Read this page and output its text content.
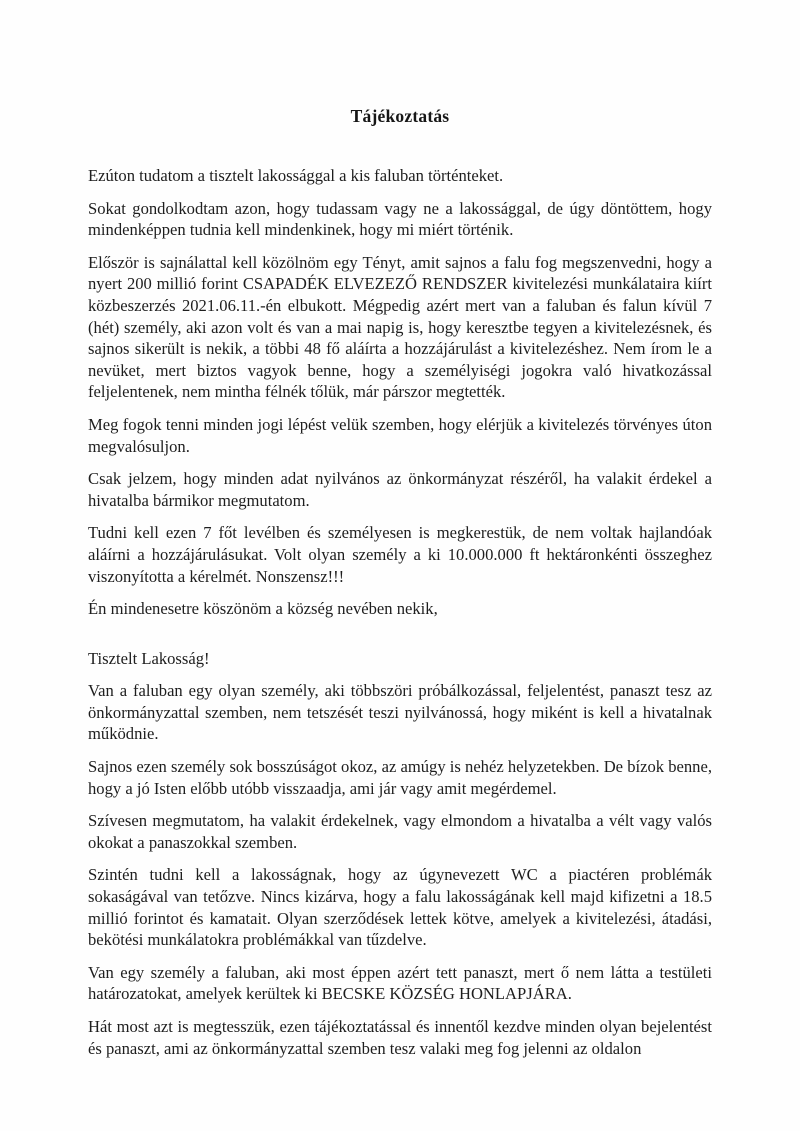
Tájékoztatás

Ezúton tudatom a tisztelt lakossággal a kis faluban történteket.

Sokat gondolkodtam azon, hogy tudassam vagy ne a lakossággal, de úgy döntöttem, hogy mindenképpen tudnia kell mindenkinek, hogy mi miért történik.

Először is sajnálattal kell közölnöm egy Tényt, amit sajnos a falu fog megszenvedni, hogy a nyert 200 millió forint CSAPADÉK ELVEZEZŐ RENDSZER kivitelezési munkálataira kiírt közbeszerzés 2021.06.11.-én elbukott. Mégpedig azért mert van a faluban és falun kívül 7 (hét) személy, aki azon volt és van a mai napig is, hogy keresztbe tegyen a kivitelezésnek, és sajnos sikerült is nekik, a többi 48 fő aláírta a hozzájárulást a kivitelezéshez. Nem írom le a nevüket, mert biztos vagyok benne, hogy a személyiségi jogokra való hivatkozással feljelentenek, nem mintha félnék tőlük, már párszor megtették.

Meg fogok tenni minden jogi lépést velük szemben, hogy elérjük a kivitelezés törvényes úton megvalósuljon.

Csak jelzem, hogy minden adat nyilvános az önkormányzat részéről, ha valakit érdekel a hivatalba bármikor megmutatom.

Tudni kell ezen 7 főt levélben és személyesen is megkerestük, de nem voltak hajlandóak aláírni a hozzájárulásukat. Volt olyan személy a ki 10.000.000 ft hektáronkénti összeghez viszonyította a kérelmét. Nonszensz!!!

Én mindenesetre köszönöm a község nevében nekik,

Tisztelt Lakosság!

Van a faluban egy olyan személy, aki többszöri próbálkozással, feljelentést, panaszt tesz az önkormányzattal szemben, nem tetszését teszi nyilvánossá, hogy miként is kell a hivatalnak működnie.

Sajnos ezen személy sok bosszúságot okoz, az amúgy is nehéz helyzetekben. De bízok benne, hogy a jó Isten előbb utóbb visszaadja, ami jár vagy amit megérdemel.

Szívesen megmutatom, ha valakit érdekelnek, vagy elmondom a hivatalba a vélt vagy valós okokat a panaszokkal szemben.

Szintén tudni kell a lakosságnak, hogy az úgynevezett WC a piactéren problémák sokaságával van tetőzve. Nincs kizárva, hogy a falu lakosságának kell majd kifizetni a 18.5 millió forintot és kamatait. Olyan szerződések lettek kötve, amelyek a kivitelezési, átadási, bekötési munkálatokra problémákkal van tűzdelve.

Van egy személy a faluban, aki most éppen azért tett panaszt, mert ő nem látta a testületi határozatokat, amelyek kerültek ki BECSKE KÖZSÉG HONLAPJÁRA.

Hát most azt is megtesszük, ezen tájékoztatással és innentől kezdve minden olyan bejelentést és panaszt, ami az önkormányzattal szemben tesz valaki meg fog jelenni az oldalon
